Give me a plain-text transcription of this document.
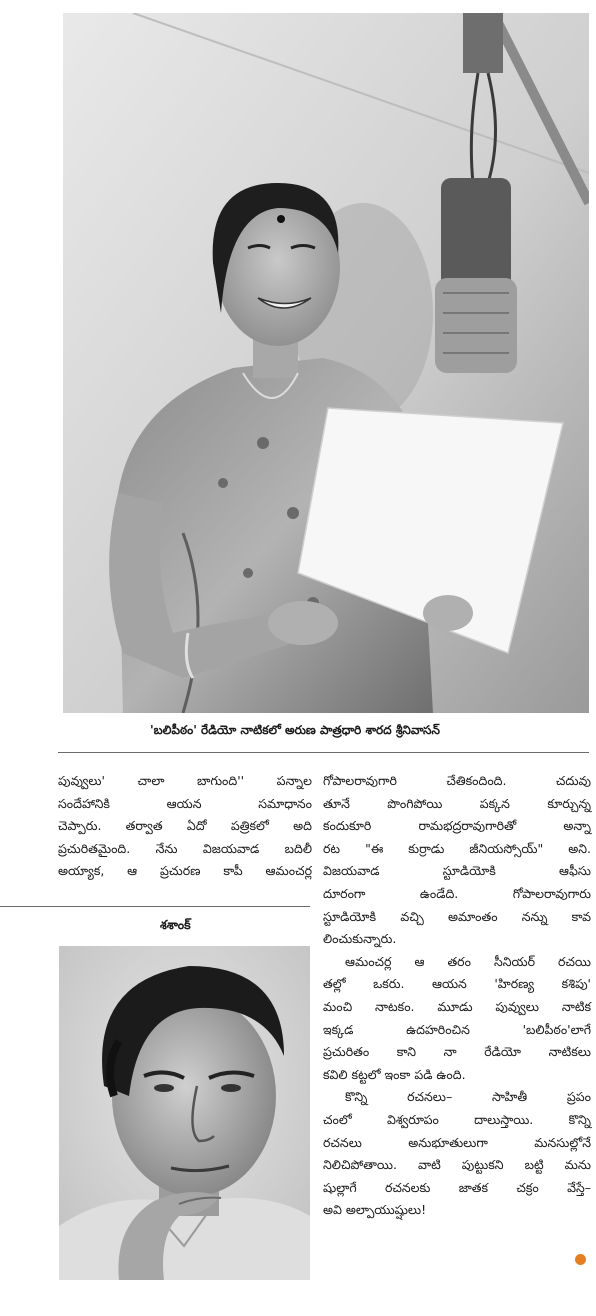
'బలిపీఠం' రేడియో నాటికలో అరుణ పాత్రధారి శారద శ్రీనివాసన్
పువ్వులు' చాలా బాగుంది'' పన్నాల
సందేహానికి ఆయన సమాధానం
చెప్పారు. తర్వాత ఏదో పత్రికలో అది
ప్రచురితమైంది. నేను విజయవాడ బదిలీ
అయ్యాక, ఆ ప్రచురణ కాపీ ఆమంచర్ల
శశాంక్

గోపాలరావుగారి చేతికందింది. చదువు
తూనే పొంగిపోయి పక్కన కూర్చున్న
కందుకూరి రామభద్రరావుగారితో అన్నా
రట "ఈ కుర్రాడు జీనియస్సోయ్" అని.
విజయవాడ స్టూడియోకి ఆఫీసు
దూరంగా ఉండేది. గోపాలరావుగారు
స్టూడియోకి వచ్చి అమాంతం నన్ను కావ
లించుకున్నారు.

ఆమంచర్ల ఆ తరం సీనియర్ రచయి
తల్లో ఒకరు. ఆయన 'హిరణ్య కశిపు'
మంచి నాటకం. మూడు పువ్వులు నాటిక
ఇక్కడ ఉదహరించిన 'బలిపీఠం'లాగే
ప్రచురితం కాని నా రేడియో నాటికలు
కవిలి కట్టలో ఇంకా పడి ఉంది.

కొన్ని రచనలు– సాహితీ ప్రపం
చంలో విశ్వరూపం దాలుస్తాయి. కొన్ని
రచనలు అనుభూతులుగా మనసుల్లోనే
నిలిచిపోతాయి. వాటి పుట్టుకని బట్టి మను
షుల్లాగే రచనలకు జాతక చక్రం వేస్తే–
అవి అల్పాయుష్షులు!
